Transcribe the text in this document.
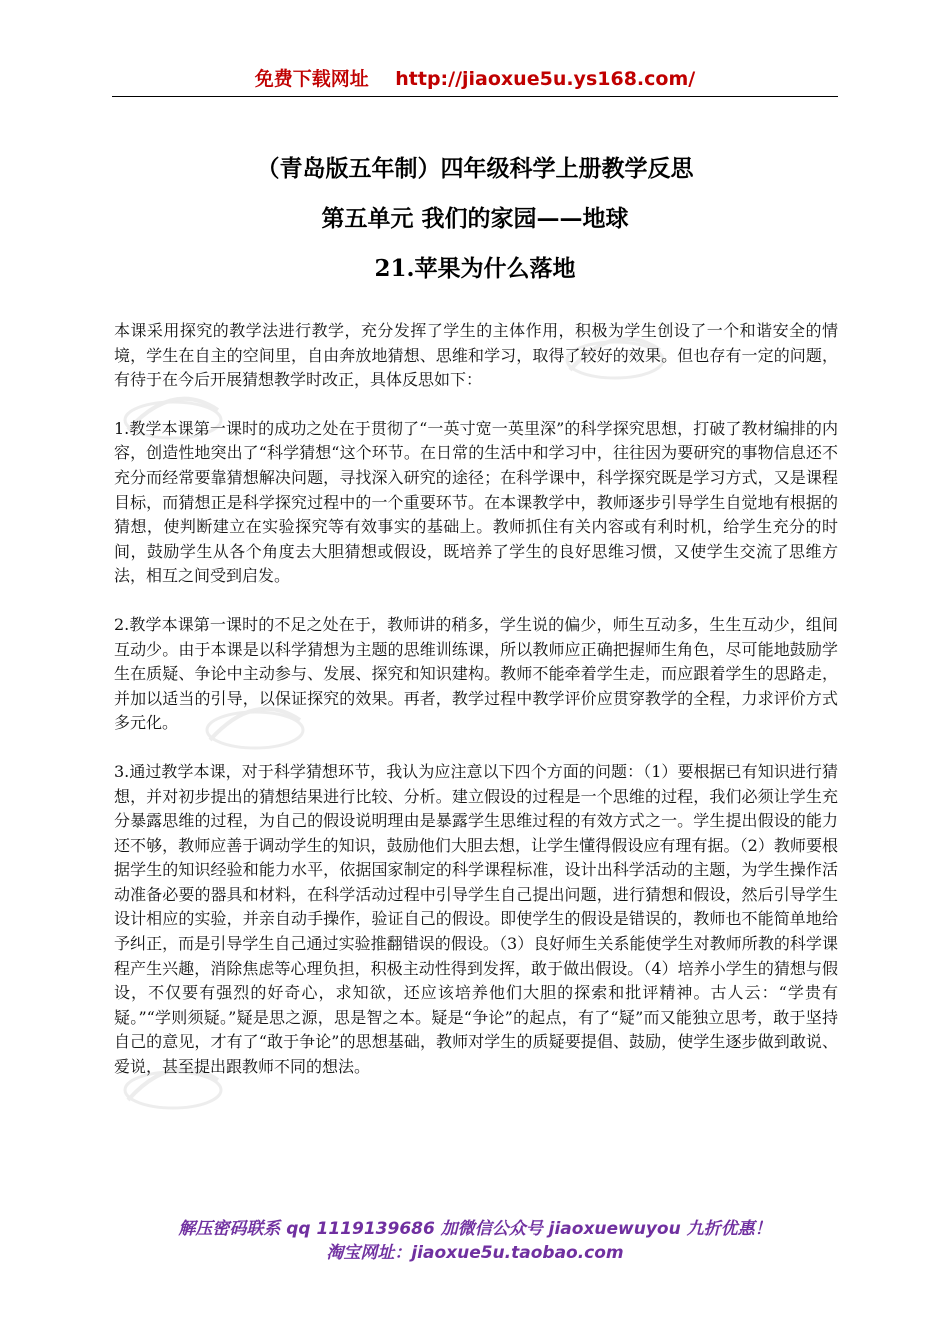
免费下载网址    http://jiaoxue5u.ys168.com/
（青岛版五年制）四年级科学上册教学反思
第五单元 我们的家园——地球
21.苹果为什么落地

本课采用探究的教学法进行教学，充分发挥了学生的主体作用，积极为学生创设了一个和谐安全的情境，学生在自主的空间里，自由奔放地猜想、思维和学习，取得了较好的效果。但也存有一定的问题，有待于在今后开展猜想教学时改正，具体反思如下：

1.教学本课第一课时的成功之处在于贯彻了“一英寸宽一英里深”的科学探究思想，打破了教材编排的内容，创造性地突出了“科学猜想“这个环节。在日常的生活中和学习中，往往因为要研究的事物信息还不充分而经常要靠猜想解决问题，寻找深入研究的途径；在科学课中，科学探究既是学习方式，又是课程目标，而猜想正是科学探究过程中的一个重要环节。在本课教学中，教师逐步引导学生自觉地有根据的猜想，使判断建立在实验探究等有效事实的基础上。教师抓住有关内容或有利时机，给学生充分的时间，鼓励学生从各个角度去大胆猜想或假设，既培养了学生的良好思维习惯，又使学生交流了思维方法，相互之间受到启发。

2.教学本课第一课时的不足之处在于，教师讲的稍多，学生说的偏少，师生互动多，生生互动少，组间互动少。由于本课是以科学猜想为主题的思维训练课，所以教师应正确把握师生角色，尽可能地鼓励学生在质疑、争论中主动参与、发展、探究和知识建构。教师不能牵着学生走，而应跟着学生的思路走，并加以适当的引导，以保证探究的效果。再者，教学过程中教学评价应贯穿教学的全程，力求评价方式多元化。

3.通过教学本课，对于科学猜想环节，我认为应注意以下四个方面的问题：（1）要根据已有知识进行猜想，并对初步提出的猜想结果进行比较、分析。建立假设的过程是一个思维的过程，我们必须让学生充分暴露思维的过程，为自己的假设说明理由是暴露学生思维过程的有效方式之一。学生提出假设的能力还不够，教师应善于调动学生的知识，鼓励他们大胆去想，让学生懂得假设应有理有据。（2）教师要根据学生的知识经验和能力水平，依据国家制定的科学课程标准，设计出科学活动的主题，为学生操作活动准备必要的器具和材料，在科学活动过程中引导学生自己提出问题，进行猜想和假设，然后引导学生设计相应的实验，并亲自动手操作，验证自己的假设。即使学生的假设是错误的，教师也不能简单地给予纠正，而是引导学生自己通过实验推翻错误的假设。（3）良好师生关系能使学生对教师所教的科学课程产生兴趣，消除焦虑等心理负担，积极主动性得到发挥，敢于做出假设。（4）培养小学生的猜想与假设，不仅要有强烈的好奇心，求知欲，还应该培养他们大胆的探索和批评精神。古人云：“学贵有疑。”“学则须疑。”疑是思之源，思是智之本。疑是“争论”的起点，有了“疑”而又能独立思考，敢于坚持自己的意见，才有了“敢于争论”的思想基础，教师对学生的质疑要提倡、鼓励，使学生逐步做到敢说、爱说，甚至提出跟教师不同的想法。

解压密码联系 qq 1119139686 加微信公众号 jiaoxuewuyou 九折优惠！
淘宝网址：jiaoxue5u.taobao.com
